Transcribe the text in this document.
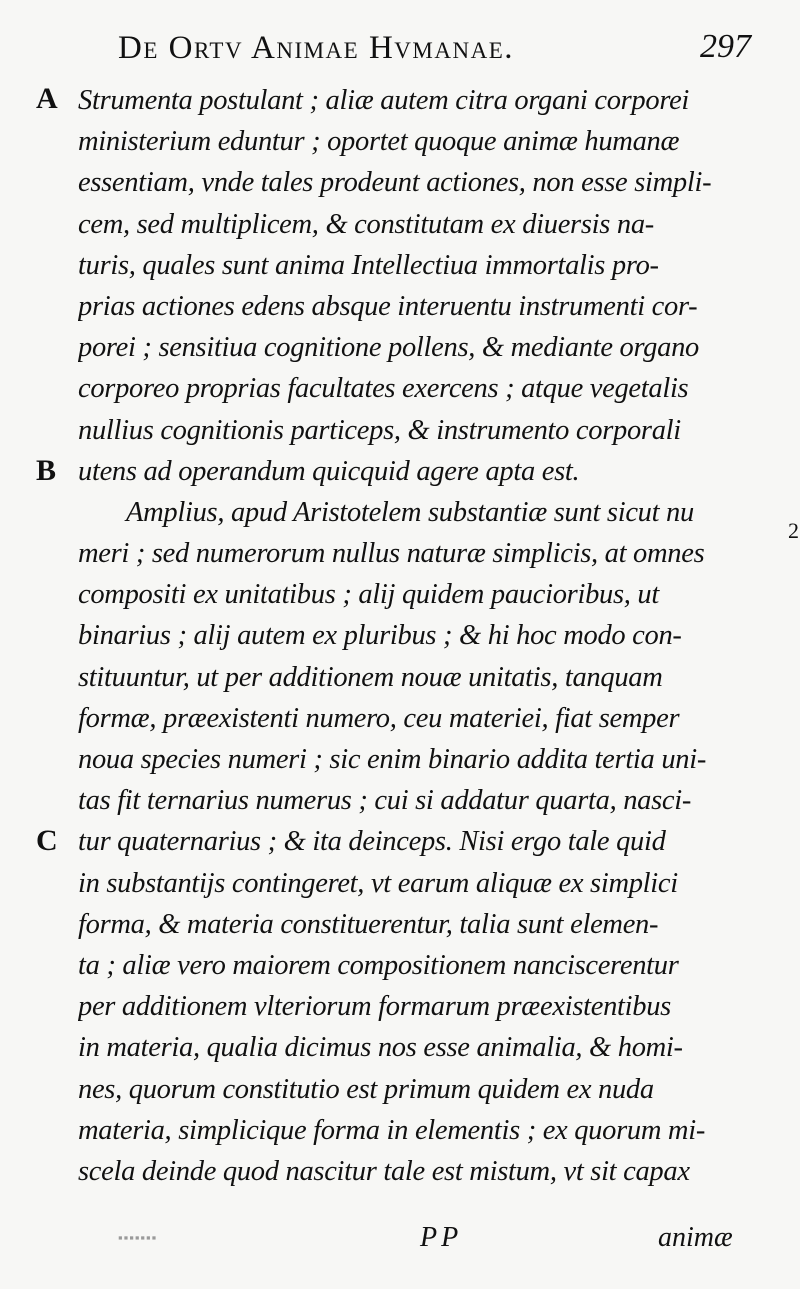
De Ortv Animae Hvmanae.	297
A
B
C
2
Strumenta postulant ; aliæ autem citra organi corporei
ministerium eduntur ; oportet quoque animæ humanæ
essentiam, vnde tales prodeunt actiones, non esse simpli-
cem, sed multiplicem, & constitutam ex diuersis na-
turis, quales sunt anima Intellectiua immortalis pro-
prias actiones edens absque interuentu instrumenti cor-
porei ; sensitiua cognitione pollens, & mediante organo
corporeo proprias facultates exercens ; atque vegetalis
nullius cognitionis particeps, & instrumento corporali
utens ad operandum quicquid agere apta est.
Amplius, apud Aristotelem substantiæ sunt sicut nu
meri ; sed numerorum nullus naturæ simplicis, at omnes
compositi ex unitatibus ; alij quidem paucioribus, ut
binarius ; alij autem ex pluribus ; & hi hoc modo con-
stituuntur, ut per additionem nouæ unitatis, tanquam
formæ, præexistenti numero, ceu materiei, fiat semper
noua species numeri ; sic enim binario addita tertia uni-
tas fit ternarius numerus ; cui si addatur quarta, nasci-
tur quaternarius ; & ita deinceps. Nisi ergo tale quid
in substantijs contingeret, vt earum aliquæ ex simplici
forma, & materia constituerentur, talia sunt elemen-
ta ; aliæ vero maiorem compositionem nanciscerentur
per additionem vlteriorum formarum præexistentibus
in materia, qualia dicimus nos esse animalia, & homi-
nes, quorum constitutio est primum quidem ex nuda
materia, simplicique forma in elementis ; ex quorum mi-
scela deinde quod nascitur tale est mistum, vt sit capax
▪▪▪▪▪▪▪	PP	animæ
